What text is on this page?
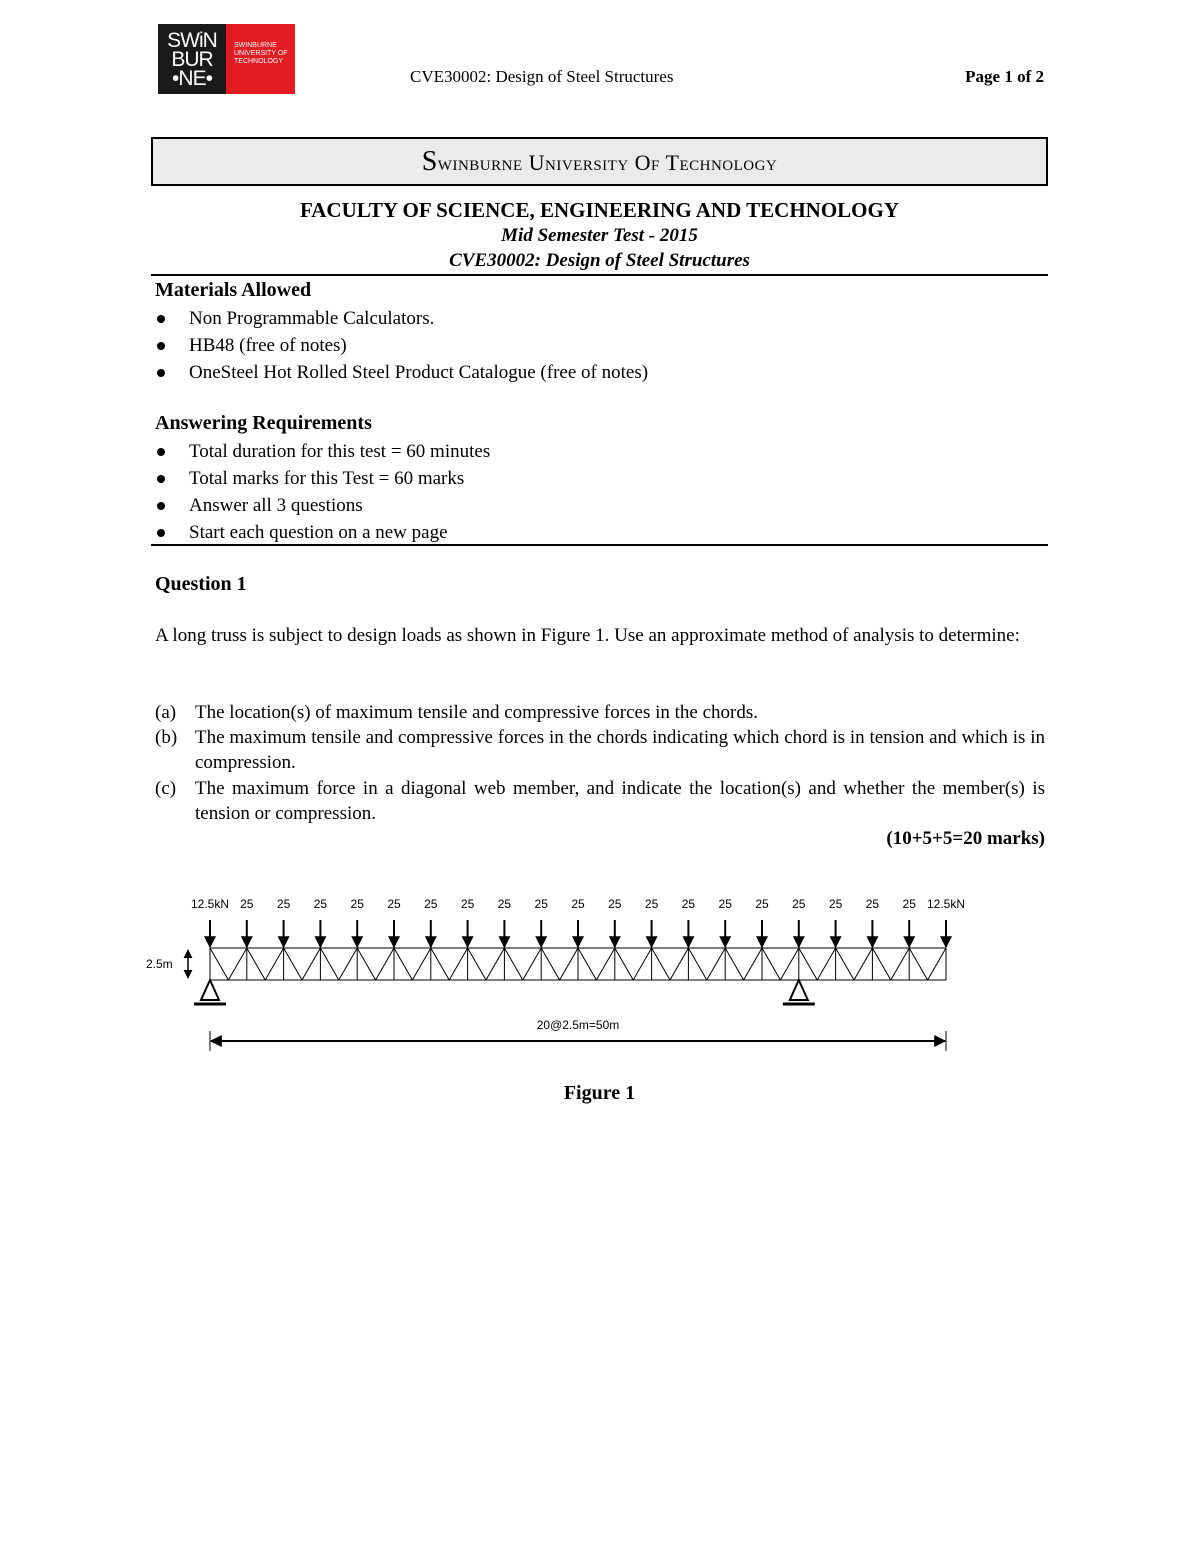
SWiN
BUR
•NE•
SWINBURNE
UNIVERSITY OF
TECHNOLOGY
CVE30002: Design of Steel Structures	Page 1 of 2
Swinburne University Of Technology
FACULTY OF SCIENCE, ENGINEERING AND TECHNOLOGY
Mid Semester Test - 2015
CVE30002: Design of Steel Structures
Materials Allowed
Non Programmable Calculators.
HB48 (free of notes)
OneSteel Hot Rolled Steel Product Catalogue (free of notes)
Answering Requirements
Total duration for this test = 60 minutes
Total marks for this Test = 60 marks
Answer all 3 questions
Start each question on a new page
Question 1
A long truss is subject to design loads as shown in Figure 1. Use an approximate method of analysis to determine:
(a) The location(s) of maximum tensile and compressive forces in the chords.
(b) The maximum tensile and compressive forces in the chords indicating which chord is in tension and which is in compression.
(c) The maximum force in a diagonal web member, and indicate the location(s) and whether the member(s) is tension or compression.
(10+5+5=20 marks)
12.5kN 25 25 25 25 25 25 25 25 25 25 25 25 25 25 25 25 25 25 25 12.5kN
2.5m
20@2.5m=50m
Figure 1
